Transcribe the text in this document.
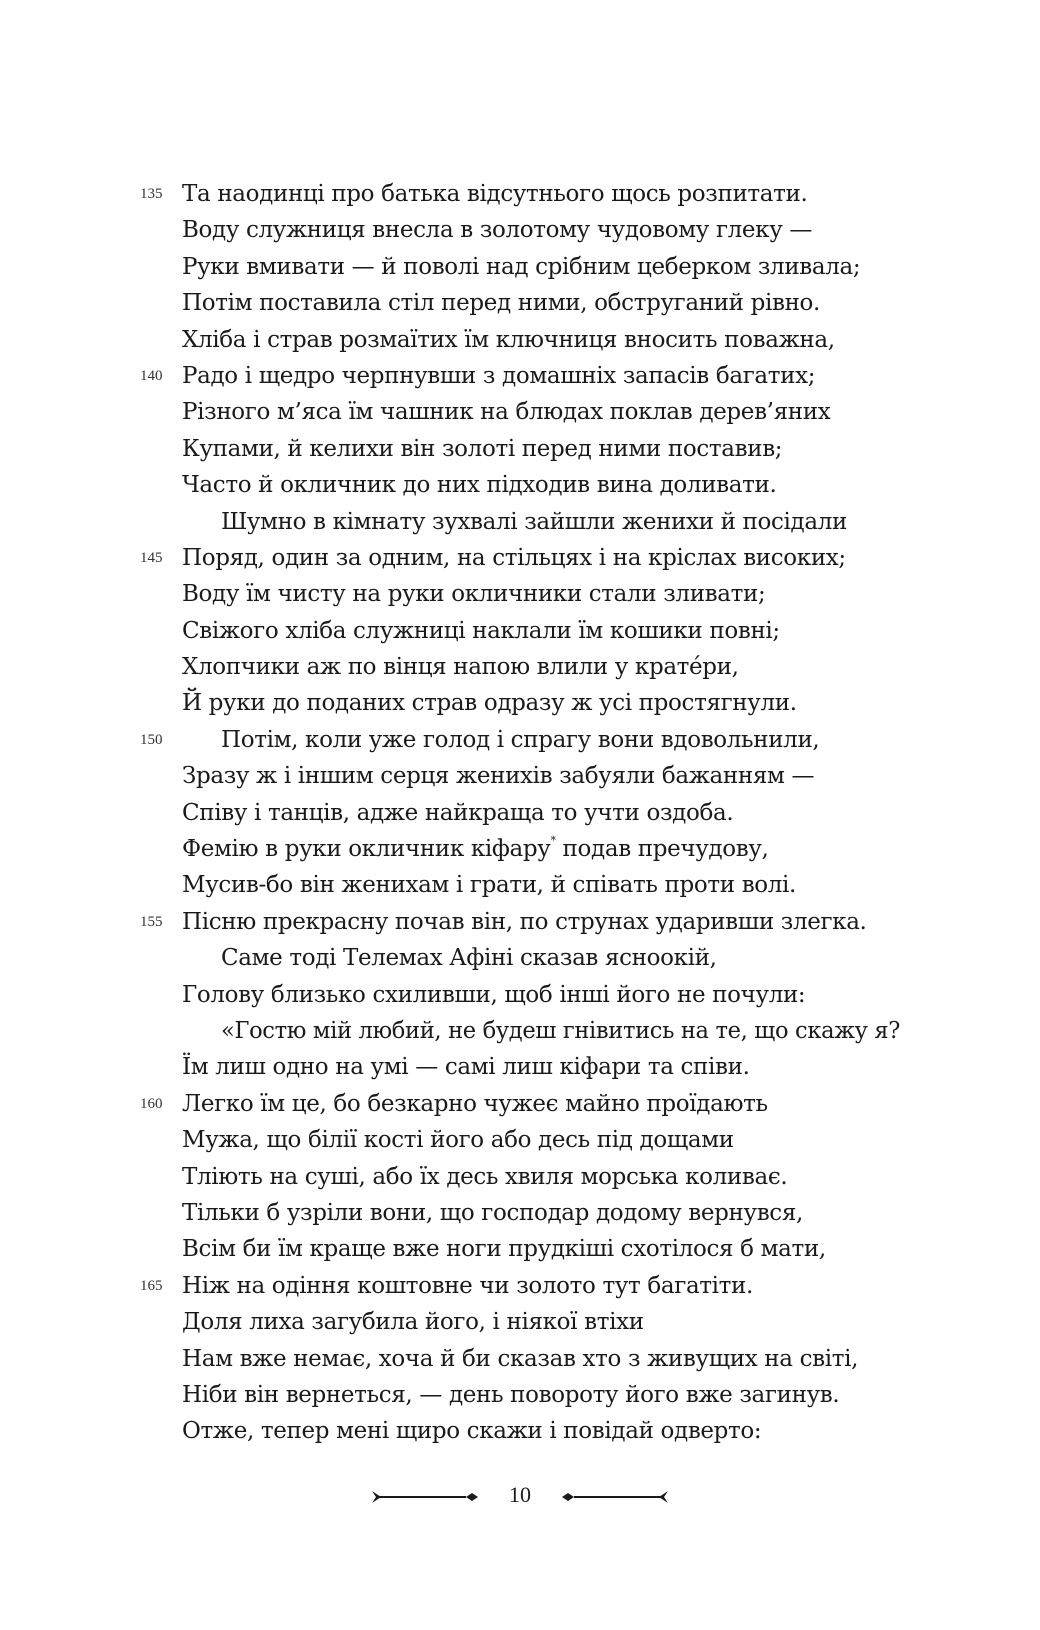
135 Та наодинці про батька відсутнього щось розпитати.
Воду служниця внесла в золотому чудовому глеку —
Руки вмивати — й поволі над срібним цеберком зливала;
Потім поставила стіл перед ними, обструганий рівно.
Хліба і страв розмаїтих їм ключниця вносить поважна,
140 Радо і щедро черпнувши з домашніх запасів багатих;
Різного м’яса їм чашник на блюдах поклав дерев’яних
Купами, й келихи він золоті перед ними поставив;
Часто й окличник до них підходив вина доливати.
Шумно в кімнату зухвалі зайшли женихи й посідали
145 Поряд, один за одним, на стільцях і на кріслах високих;
Воду їм чисту на руки окличники стали зливати;
Свіжого хліба служниці наклали їм кошики повні;
Хлопчики аж по вінця напою влили у крате́ри,
Й руки до поданих страв одразу ж усі простягнули.
150	Потім, коли уже голод і спрагу вони вдовольнили,
Зразу ж і іншим серця женихів забуяли бажанням —
Співу і танців, адже найкраща то учти оздоба.
Фемію в руки окличник кіфару* подав пречудову,
Мусив-бо він женихам і грати, й співать проти волі.
155 Пісню прекрасну почав він, по струнах ударивши злегка.
Саме тоді Телемах Афіні сказав ясноокій,
Голову близько схиливши, щоб інші його не почули:
«Гостю мій любий, не будеш гнівитись на те, що скажу я?
Їм лиш одно на умі — самі лиш кіфари та співи.
160 Легко їм це, бо безкарно чужеє майно проїдають
Мужа, що білії кості його або десь під дощами
Тліють на суші, або їх десь хвиля морська коливає.
Тільки б узріли вони, що господар додому вернувся,
Всім би їм краще вже ноги прудкіші схотілося б мати,
165 Ніж на одіння коштовне чи золото тут багатіти.
Доля лиха загубила його, і ніякої втіхи
Нам вже немає, хоча й би сказав хто з живущих на світі,
Ніби він вернеться, — день повороту його вже загинув.
Отже, тепер мені щиро скажи і повідай одверто:
10
